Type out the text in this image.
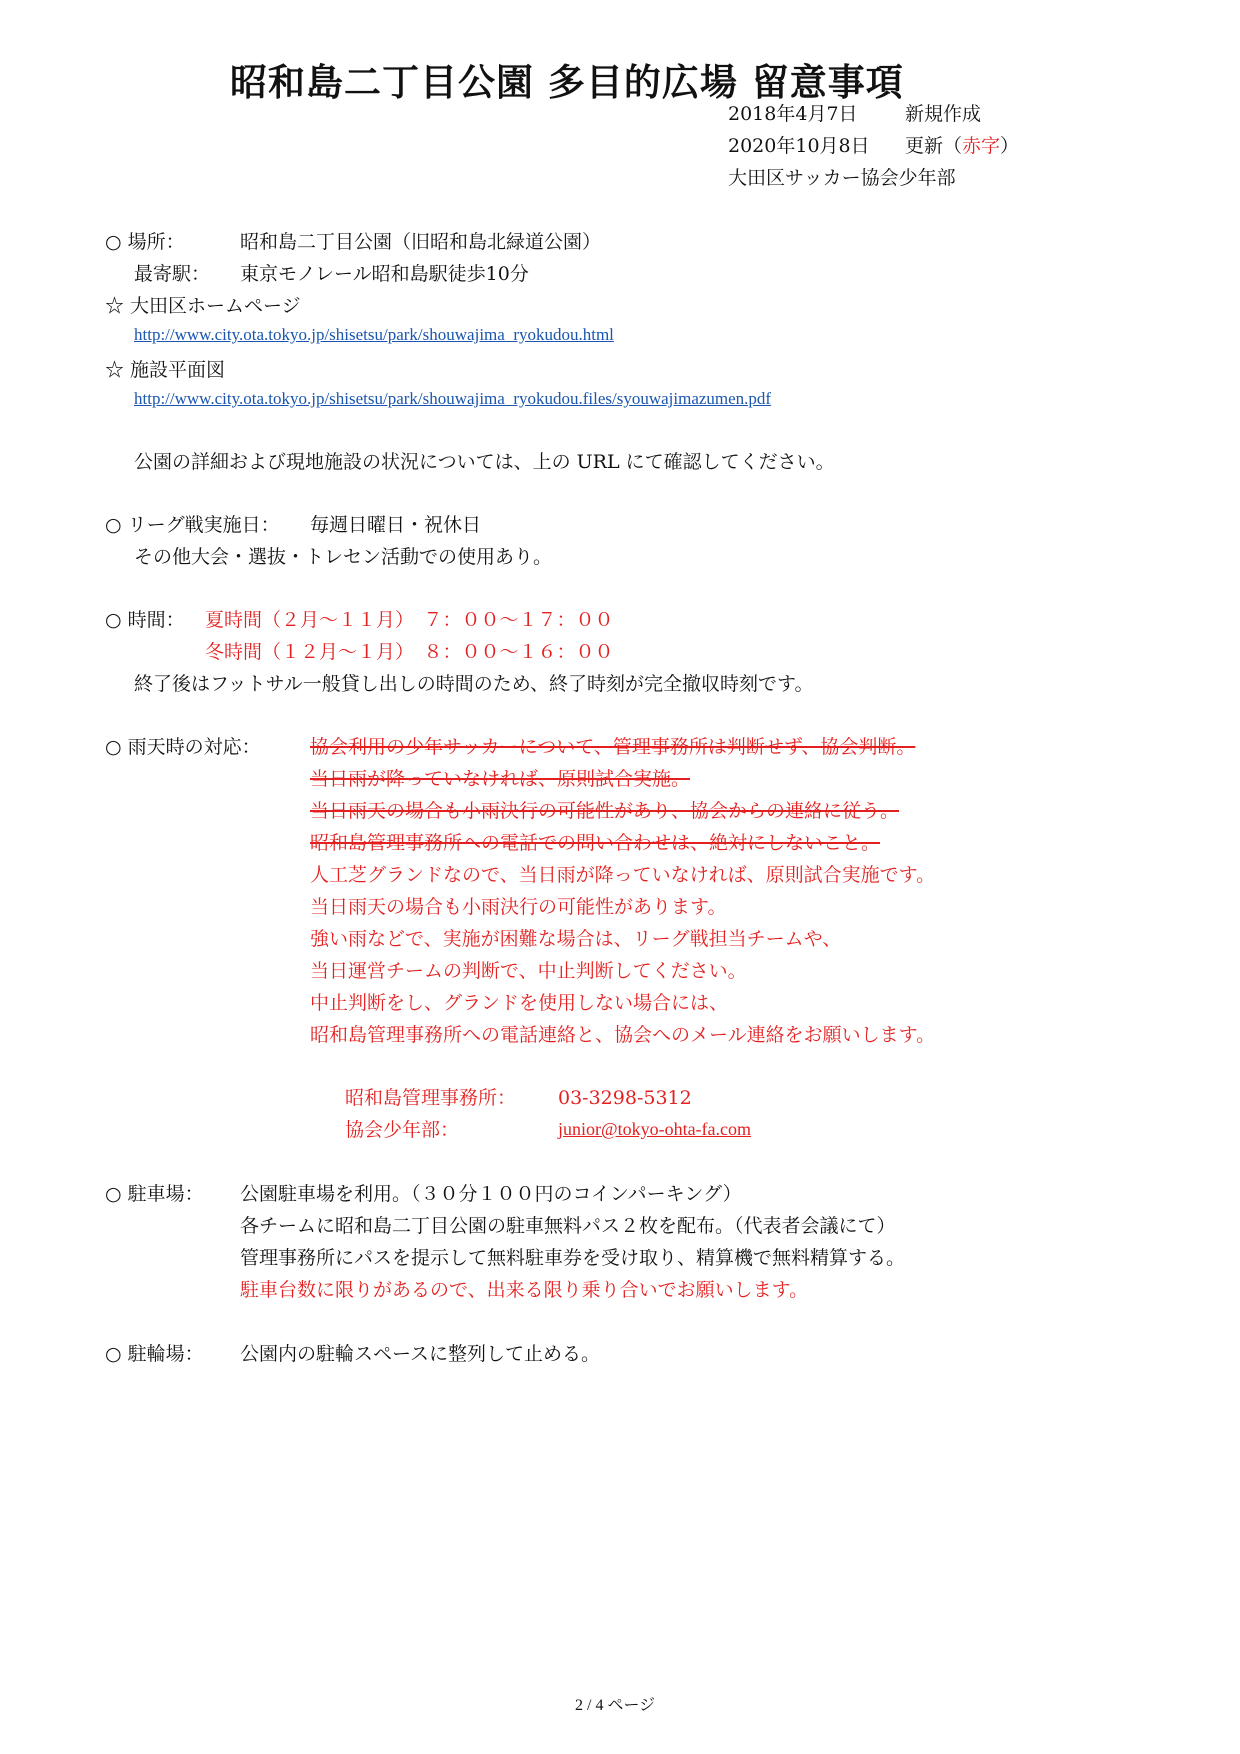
昭和島二丁目公園 多目的広場 留意事項
2018年4月7日 新規作成
2020年10月8日 更新（赤字）
大田区サッカー協会少年部
○ 場所：	昭和島二丁目公園（旧昭和島北緑道公園）
最寄駅： 東京モノレール昭和島駅徒歩10分
☆ 大田区ホームページ
http://www.city.ota.tokyo.jp/shisetsu/park/shouwajima_ryokudou.html
☆ 施設平面図
http://www.city.ota.tokyo.jp/shisetsu/park/shouwajima_ryokudou.files/syouwajimazumen.pdf
公園の詳細および現地施設の状況については、上の URL にて確認してください。
○ リーグ戦実施日： 毎週日曜日・祝休日
その他大会・選抜・トレセン活動での使用あり。
○ 時間： 夏時間（２月〜１１月）　７：００〜１７：００
冬時間（１２月〜１月）　８：００〜１６：００
終了後はフットサル一般貸し出しの時間のため、終了時刻が完全撤収時刻です。
○ 雨天時の対応：	協会利用の少年サッカーについて、管理事務所は判断せず、協会判断。
当日雨が降っていなければ、原則試合実施。
当日雨天の場合も小雨決行の可能性があり、協会からの連絡に従う。
昭和島管理事務所への電話での問い合わせは、絶対にしないこと。
人工芝グランドなので、当日雨が降っていなければ、原則試合実施です。
当日雨天の場合も小雨決行の可能性があります。
強い雨などで、実施が困難な場合は、リーグ戦担当チームや、
当日運営チームの判断で、中止判断してください。
中止判断をし、グランドを使用しない場合には、
昭和島管理事務所への電話連絡と、協会へのメール連絡をお願いします。
昭和島管理事務所： 03-3298-5312
協会少年部：	junior@tokyo-ohta-fa.com
○ 駐車場： 公園駐車場を利用。（３０分１００円のコインパーキング）
各チームに昭和島二丁目公園の駐車無料パス２枚を配布。（代表者会議にて）
管理事務所にパスを提示して無料駐車券を受け取り、精算機で無料精算する。
駐車台数に限りがあるので、出来る限り乗り合いでお願いします。
○ 駐輪場： 公園内の駐輪スペースに整列して止める。
2 / 4 ページ
